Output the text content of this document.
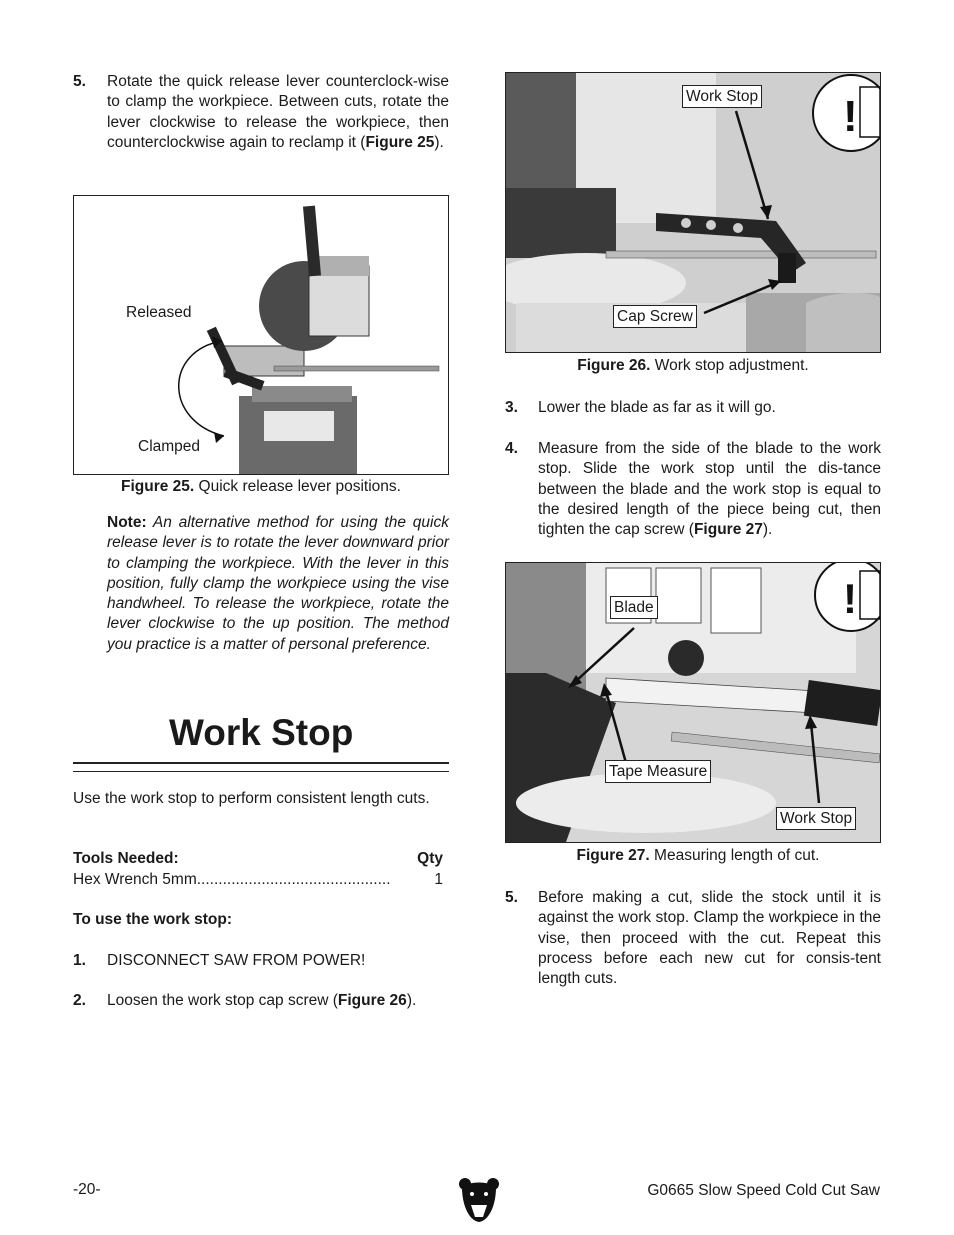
5. Rotate the quick release lever counterclock-wise to clamp the workpiece. Between cuts, rotate the lever clockwise to release the workpiece, then counterclockwise again to reclamp it (Figure 25).
Released
Clamped
Figure 25. Quick release lever positions.
Note: An alternative method for using the quick release lever is to rotate the lever downward prior to clamping the workpiece. With the lever in this position, fully clamp the workpiece using the vise handwheel. To release the workpiece, rotate the lever clockwise to the up position. The method you practice is a matter of personal preference.
Work Stop
Use the work stop to perform consistent length cuts.
Tools Needed:	Qty
Hex Wrench 5mm.............................................	1
To use the work stop:
1. DISCONNECT SAW FROM POWER!
2. Loosen the work stop cap screw (Figure 26).
!
Work Stop
Cap Screw
Figure 26. Work stop adjustment.
3. Lower the blade as far as it will go.
4. Measure from the side of the blade to the work stop. Slide the work stop until the dis-tance between the blade and the work stop is equal to the desired length of the piece being cut, then tighten the cap screw (Figure 27).
!
Blade
Tape Measure
Work Stop
Figure 27. Measuring length of cut.
5. Before making a cut, slide the stock until it is against the work stop. Clamp the workpiece in the vise, then proceed with the cut. Repeat this process before each new cut for consis-tent length cuts.
-20-	G0665 Slow Speed Cold Cut Saw
